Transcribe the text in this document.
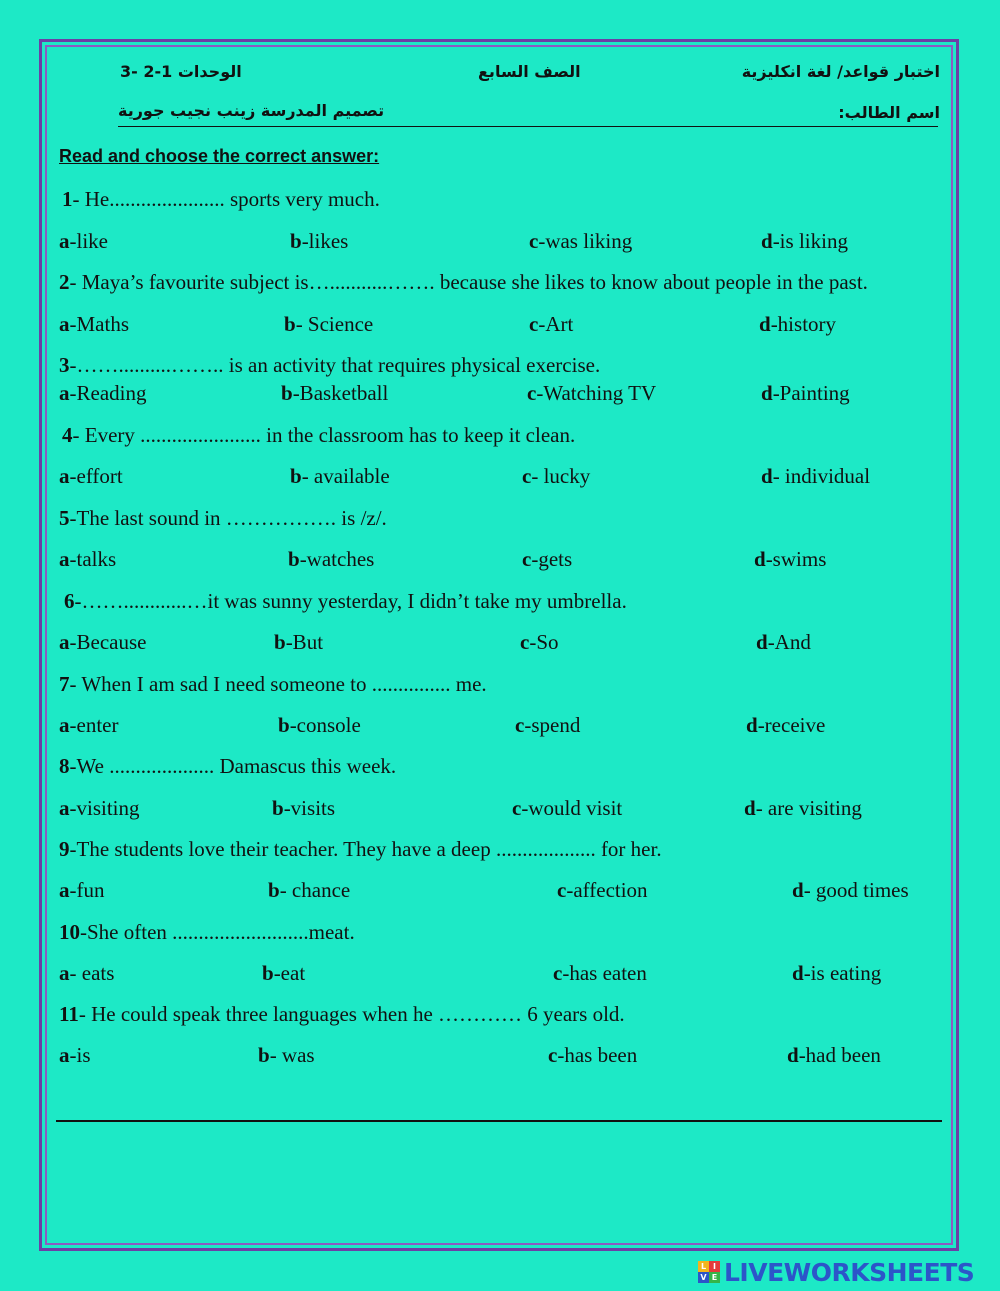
اختبار قواعد/ لغة انكليزية
الصف السابع
الوحدات 1-2 -3
اسم الطالب:
تصميم المدرسة زينب نجيب جورية
Read and choose the correct answer:
1- He...................... sports very much.
a-like	b-likes	c-was liking	d-is liking
2- Maya’s favourite subject is…...........……. because she likes to know about people in the past.
a-Maths	b- Science	c-Art	d-history
3-……..........…….. is an activity that requires physical exercise.
a-Reading	b-Basketball	c-Watching TV	d-Painting
4- Every ....................... in the classroom has to keep it clean.
a-effort	b- available	c- lucky	d- individual
5-The last sound in ……………. is /z/.
a-talks	b-watches	c-gets	d-swims
6-……............…it was sunny yesterday, I didn’t take my umbrella.
a-Because	b-But	c-So	d-And
7- When I am sad I need someone to ............... me.
a-enter	b-console	c-spend	d-receive
8-We .................... Damascus this week.
a-visiting	b-visits	c-would visit	d- are visiting
9-The students love their teacher. They have a deep ................... for her.
a-fun	b- chance	c-affection	d- good times
10-She often ..........................meat.
a- eats	b-eat	c-has eaten	d-is eating
11- He could speak three languages when he ………… 6 years old.
a-is	b- was	c-has been	d-had been
L I
V E LIVEWORKSHEETS
